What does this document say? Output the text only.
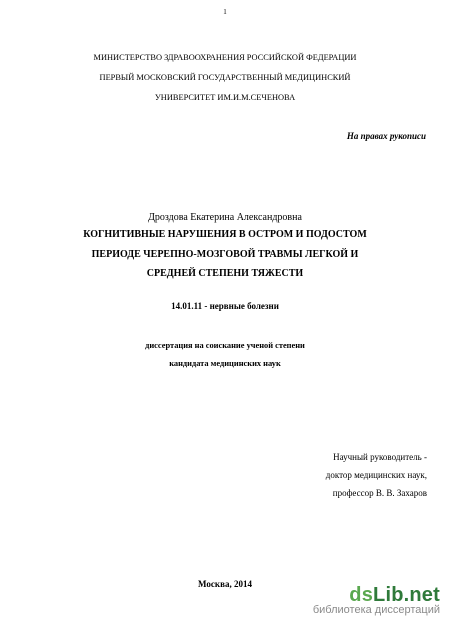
1
МИНИСТЕРСТВО ЗДРАВООХРАНЕНИЯ РОССИЙСКОЙ ФЕДЕРАЦИИ
ПЕРВЫЙ МОСКОВСКИЙ ГОСУДАРСТВЕННЫЙ МЕДИЦИНСКИЙ
УНИВЕРСИТЕТ ИМ.И.М.СЕЧЕНОВА
На правах рукописи
Дроздова Екатерина Александровна
КОГНИТИВНЫЕ НАРУШЕНИЯ В ОСТРОМ И ПОДОСТОМ
ПЕРИОДЕ ЧЕРЕПНО-МОЗГОВОЙ ТРАВМЫ ЛЕГКОЙ И
СРЕДНЕЙ СТЕПЕНИ ТЯЖЕСТИ
14.01.11 - нервные болезни
диссертация на соискание ученой степени
кандидата медицинских наук
Научный руководитель -
доктор медицинских наук,
профессор В. В. Захаров
Москва, 2014	dsLib.net
библиотека диссертаций
